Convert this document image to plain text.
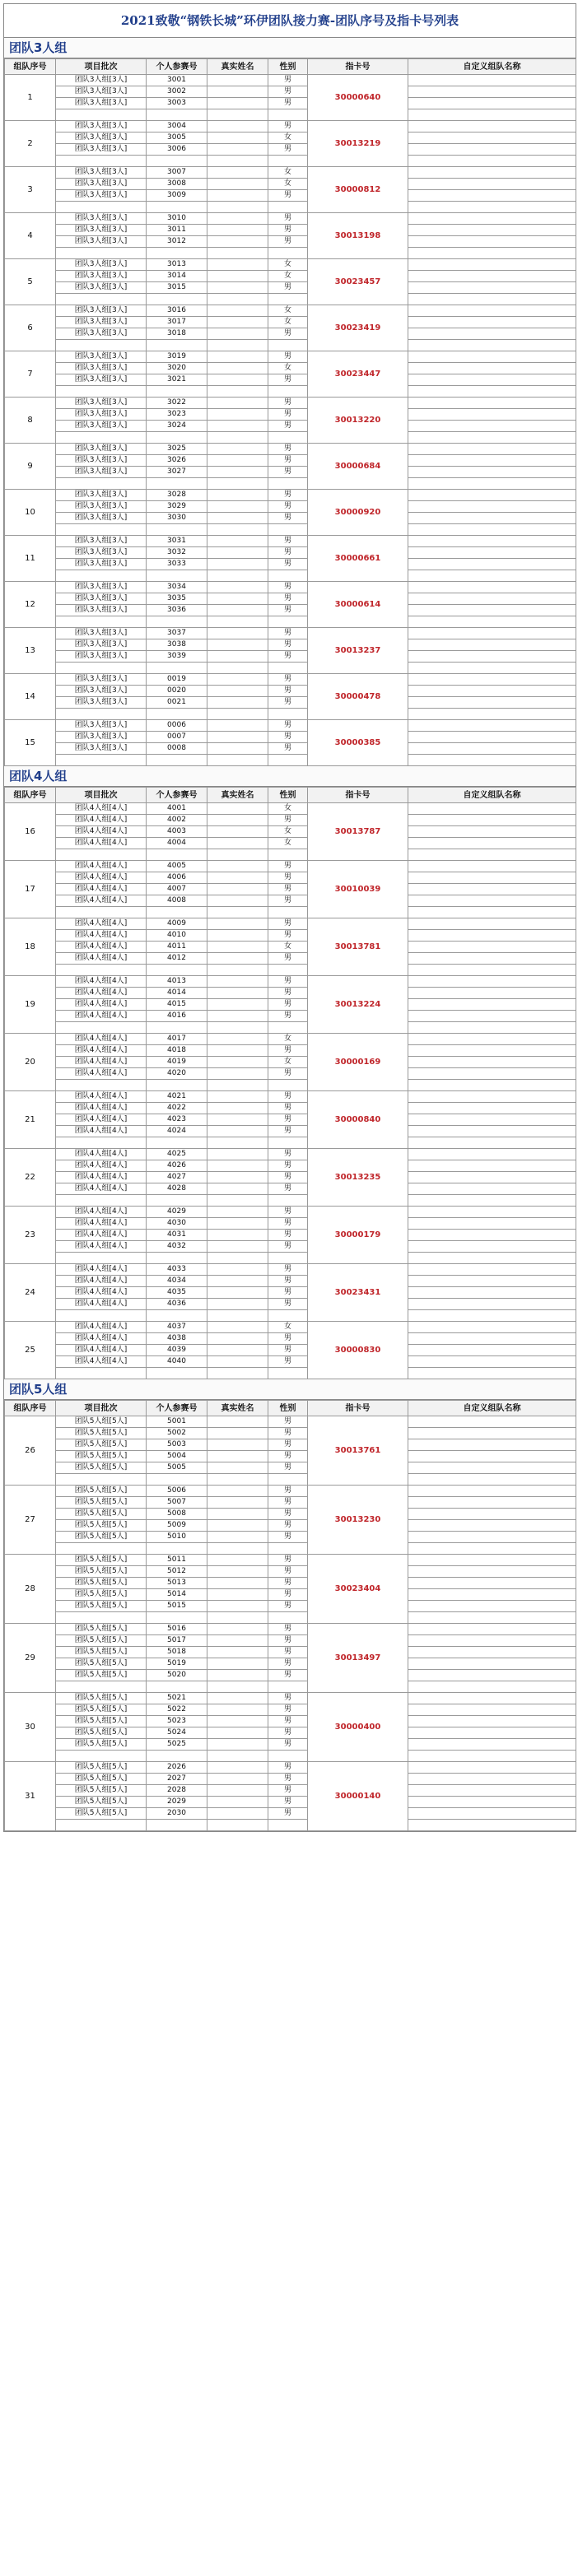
2021致敬“钢铁长城”环伊团队接力赛-团队序号及指卡号列表
团队3人组
组队序号	项目批次	个人参赛号	真实姓名	性别	指卡号	自定义组队名称
1	团队3人组[3人]	3001		男	30000640	
	团队3人组[3人]	3002		男		
	团队3人组[3人]	3003		男		

2	团队3人组[3人]	3004		男	30013219	
	团队3人组[3人]	3005		女		
	团队3人组[3人]	3006		男		

3	团队3人组[3人]	3007		女	30000812	
	团队3人组[3人]	3008		女		
	团队3人组[3人]	3009		男		

4	团队3人组[3人]	3010		男	30013198	
	团队3人组[3人]	3011		男		
	团队3人组[3人]	3012		男		

5	团队3人组[3人]	3013		女	30023457	
	团队3人组[3人]	3014		女		
	团队3人组[3人]	3015		男		

6	团队3人组[3人]	3016		女	30023419	
	团队3人组[3人]	3017		女		
	团队3人组[3人]	3018		男		

7	团队3人组[3人]	3019		男	30023447	
	团队3人组[3人]	3020		女		
	团队3人组[3人]	3021		男		

8	团队3人组[3人]	3022		男	30013220	
	团队3人组[3人]	3023		男		
	团队3人组[3人]	3024		男		

9	团队3人组[3人]	3025		男	30000684	
	团队3人组[3人]	3026		男		
	团队3人组[3人]	3027		男		

10	团队3人组[3人]	3028		男	30000920	
	团队3人组[3人]	3029		男		
	团队3人组[3人]	3030		男		

11	团队3人组[3人]	3031		男	30000661	
	团队3人组[3人]	3032		男		
	团队3人组[3人]	3033		男		

12	团队3人组[3人]	3034		男	30000614	
	团队3人组[3人]	3035		男		
	团队3人组[3人]	3036		男		

13	团队3人组[3人]	3037		男	30013237	
	团队3人组[3人]	3038		男		
	团队3人组[3人]	3039		男		

14	团队3人组[3人]	0019		男	30000478	
	团队3人组[3人]	0020		男		
	团队3人组[3人]	0021		男		

15	团队3人组[3人]	0006		男	30000385	
	团队3人组[3人]	0007		男		
	团队3人组[3人]	0008		男		

团队4人组
组队序号	项目批次	个人参赛号	真实姓名	性别	指卡号	自定义组队名称
16	团队4人组[4人]	4001		女	30013787	
	团队4人组[4人]	4002		男		
	团队4人组[4人]	4003		女		
	团队4人组[4人]	4004		女		

17	团队4人组[4人]	4005		男	30010039	
	团队4人组[4人]	4006		男		
	团队4人组[4人]	4007		男		
	团队4人组[4人]	4008		男		

18	团队4人组[4人]	4009		男	30013781	
	团队4人组[4人]	4010		男		
	团队4人组[4人]	4011		女		
	团队4人组[4人]	4012		男		

19	团队4人组[4人]	4013		男	30013224	
	团队4人组[4人]	4014		男		
	团队4人组[4人]	4015		男		
	团队4人组[4人]	4016		男		

20	团队4人组[4人]	4017		女	30000169	
	团队4人组[4人]	4018		男		
	团队4人组[4人]	4019		女		
	团队4人组[4人]	4020		男		

21	团队4人组[4人]	4021		男	30000840	
	团队4人组[4人]	4022		男		
	团队4人组[4人]	4023		男		
	团队4人组[4人]	4024		男		

22	团队4人组[4人]	4025		男	30013235	
	团队4人组[4人]	4026		男		
	团队4人组[4人]	4027		男		
	团队4人组[4人]	4028		男		

23	团队4人组[4人]	4029		男	30000179	
	团队4人组[4人]	4030		男		
	团队4人组[4人]	4031		男		
	团队4人组[4人]	4032		男		

24	团队4人组[4人]	4033		男	30023431	
	团队4人组[4人]	4034		男		
	团队4人组[4人]	4035		男		
	团队4人组[4人]	4036		男		

25	团队4人组[4人]	4037		女	30000830	
	团队4人组[4人]	4038		男		
	团队4人组[4人]	4039		男		
	团队4人组[4人]	4040		男		

团队5人组
组队序号	项目批次	个人参赛号	真实姓名	性别	指卡号	自定义组队名称
26	团队5人组[5人]	5001		男	30013761	
	团队5人组[5人]	5002		男		
	团队5人组[5人]	5003		男		
	团队5人组[5人]	5004		男		
	团队5人组[5人]	5005		男		

27	团队5人组[5人]	5006		男	30013230	
	团队5人组[5人]	5007		男		
	团队5人组[5人]	5008		男		
	团队5人组[5人]	5009		男		
	团队5人组[5人]	5010		男		

28	团队5人组[5人]	5011		男	30023404	
	团队5人组[5人]	5012		男		
	团队5人组[5人]	5013		男		
	团队5人组[5人]	5014		男		
	团队5人组[5人]	5015		男		

29	团队5人组[5人]	5016		男	30013497	
	团队5人组[5人]	5017		男		
	团队5人组[5人]	5018		男		
	团队5人组[5人]	5019		男		
	团队5人组[5人]	5020		男		

30	团队5人组[5人]	5021		男	30000400	
	团队5人组[5人]	5022		男		
	团队5人组[5人]	5023		男		
	团队5人组[5人]	5024		男		
	团队5人组[5人]	5025		男		

31	团队5人组[5人]	2026		男	30000140	
	团队5人组[5人]	2027		男		
	团队5人组[5人]	2028		男		
	团队5人组[5人]	2029		男		
	团队5人组[5人]	2030		男		
